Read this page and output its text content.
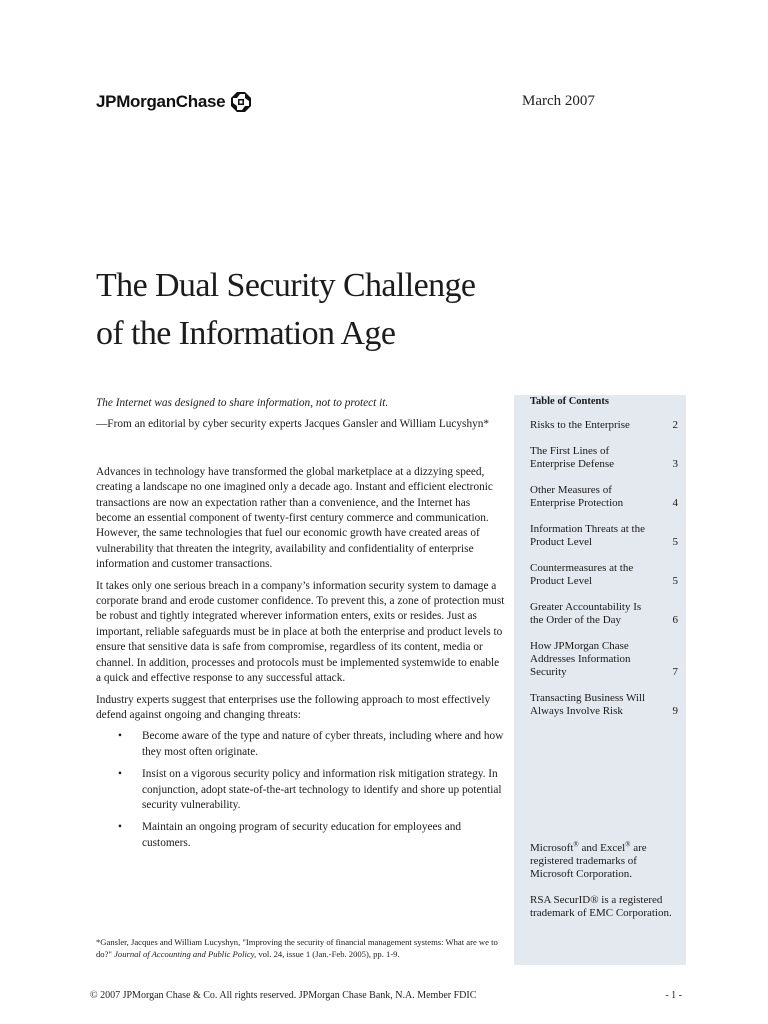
JPMorganChase	March 2007
The Dual Security Challenge
of the Information Age

The Internet was designed to share information, not to protect it.

—From an editorial by cyber security experts Jacques Gansler and William Lucyshyn*

Advances in technology have transformed the global marketplace at a dizzying speed, creating a landscape no one imagined only a decade ago. Instant and efficient electronic transactions are now an expectation rather than a convenience, and the Internet has become an essential component of twenty-first century commerce and communication. However, the same technologies that fuel our economic growth have created areas of vulnerability that threaten the integrity, availability and confidentiality of enterprise information and customer transactions.

It takes only one serious breach in a company’s information security system to damage a corporate brand and erode customer confidence. To prevent this, a zone of protection must be robust and tightly integrated wherever information enters, exits or resides. Just as important, reliable safeguards must be in place at both the enterprise and product levels to ensure that sensitive data is safe from compromise, regardless of its content, media or channel. In addition, processes and protocols must be implemented systemwide to enable a quick and effective response to any successful attack.

Industry experts suggest that enterprises use the following approach to most effectively defend against ongoing and changing threats:

• Become aware of the type and nature of cyber threats, including where and how they most often originate.
• Insist on a vigorous security policy and information risk mitigation strategy. In conjunction, adopt state-of-the-art technology to identify and shore up potential security vulnerability.
• Maintain an ongoing program of security education for employees and customers.
*Gansler, Jacques and William Lucyshyn, "Improving the security of financial management systems: What are we to do?" Journal of Accounting and Public Policy, vol. 24, issue 1 (Jan.-Feb. 2005), pp. 1-9.

Table of Contents

Risks to the Enterprise	2
The First Lines of Enterprise Defense	3
Other Measures of Enterprise Protection	4
Information Threats at the Product Level	5
Countermeasures at the Product Level	5
Greater Accountability Is the Order of the Day	6
How JPMorgan Chase Addresses Information Security	7
Transacting Business Will Always Involve Risk	9

Microsoft® and Excel® are registered trademarks of Microsoft Corporation.

RSA SecurID® is a registered trademark of EMC Corporation.

© 2007 JPMorgan Chase & Co. All rights reserved. JPMorgan Chase Bank, N.A. Member FDIC	- 1 -
